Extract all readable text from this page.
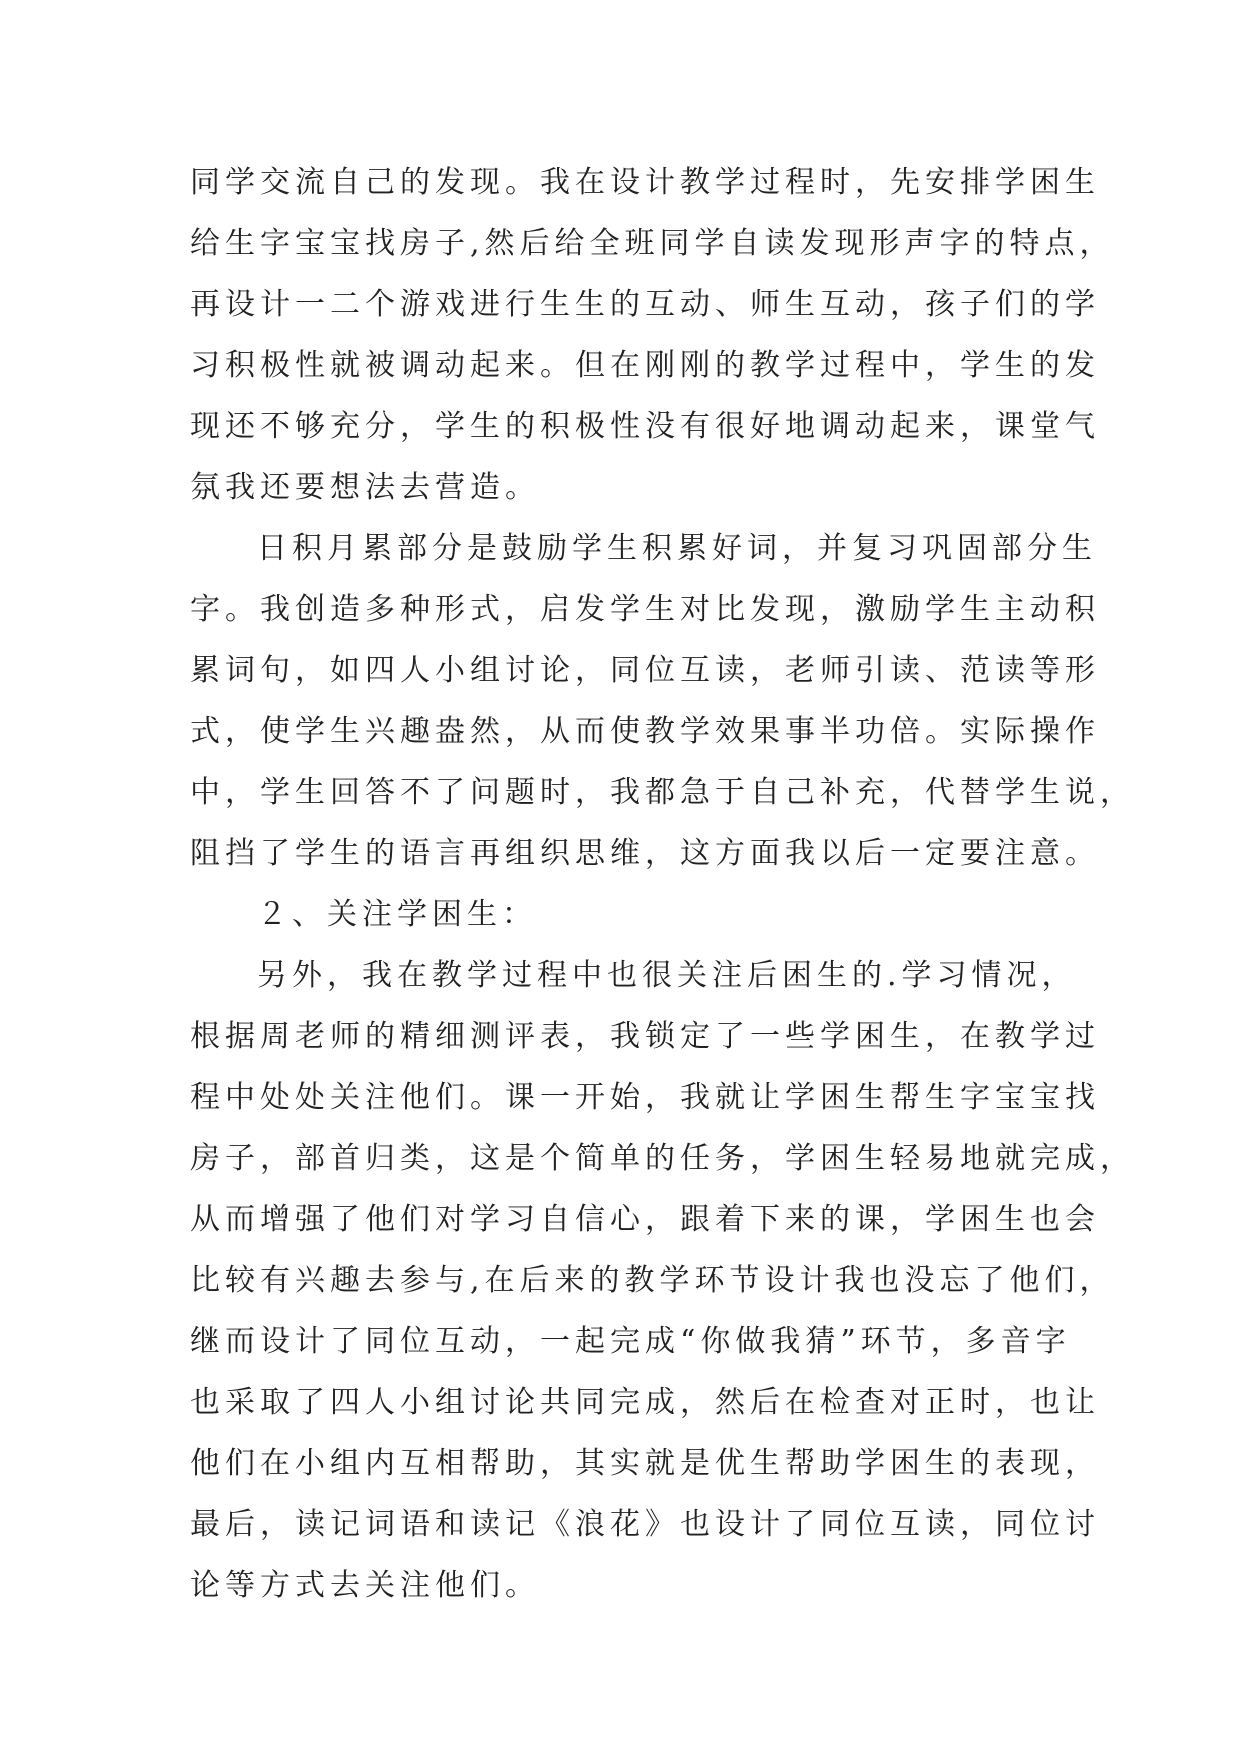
同学交流自己的发现。我在设计教学过程时，先安排学困生
给生字宝宝找房子,然后给全班同学自读发现形声字的特点，
再设计一二个游戏进行生生的互动、师生互动，孩子们的学
习积极性就被调动起来。但在刚刚的教学过程中，学生的发
现还不够充分，学生的积极性没有很好地调动起来，课堂气
氛我还要想法去营造。
日积月累部分是鼓励学生积累好词，并复习巩固部分生
字。我创造多种形式，启发学生对比发现，激励学生主动积
累词句，如四人小组讨论，同位互读，老师引读、范读等形
式，使学生兴趣盎然，从而使教学效果事半功倍。实际操作
中，学生回答不了问题时，我都急于自己补充，代替学生说，
阻挡了学生的语言再组织思维，这方面我以后一定要注意。
２、关注学困生：
另外，我在教学过程中也很关注后困生的.学习情况，
根据周老师的精细测评表，我锁定了一些学困生，在教学过
程中处处关注他们。课一开始，我就让学困生帮生字宝宝找
房子，部首归类，这是个简单的任务，学困生轻易地就完成，
从而增强了他们对学习自信心，跟着下来的课，学困生也会
比较有兴趣去参与,在后来的教学环节设计我也没忘了他们，
继而设计了同位互动，一起完成“你做我猜”环节，多音字
也采取了四人小组讨论共同完成，然后在检查对正时，也让
他们在小组内互相帮助，其实就是优生帮助学困生的表现，
最后，读记词语和读记《浪花》也设计了同位互读，同位讨
论等方式去关注他们。
